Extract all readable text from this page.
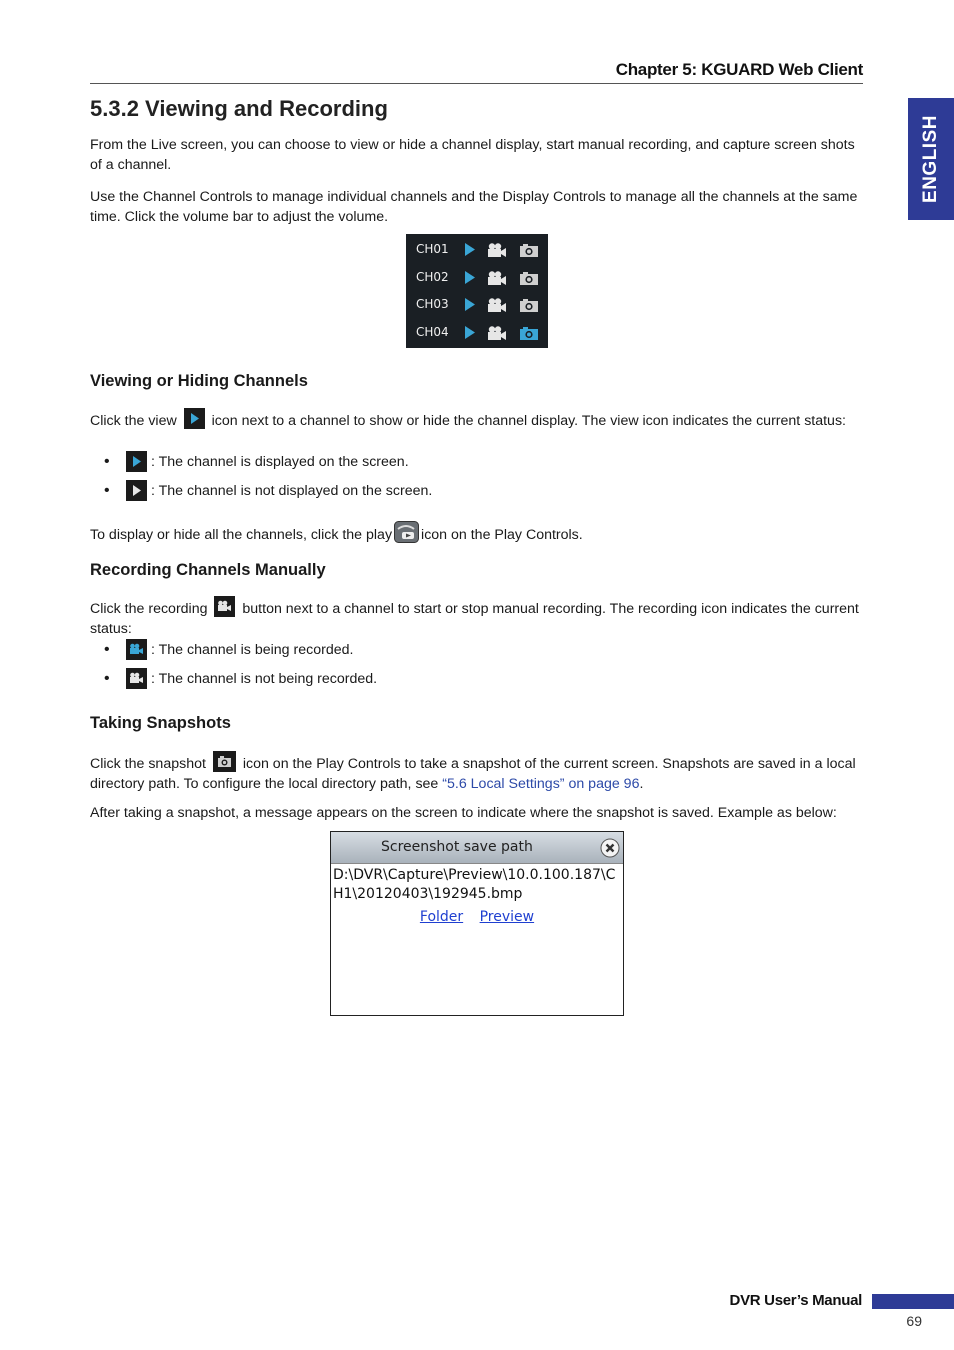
Chapter 5: KGUARD Web Client
ENGLISH
5.3.2 Viewing and Recording

From the Live screen, you can choose to view or hide a channel display, start manual recording, and capture screen shots of a channel.

Use the Channel Controls to manage individual channels and the Display Controls to manage all the channels at the same time. Click the volume bar to adjust the volume.

CH01
CH02
CH03
CH04
Viewing or Hiding Channels

Click the view icon next to a channel to show or hide the channel display. The view icon indicates the current status:

•	: The channel is displayed on the screen.
•	: The channel is not displayed on the screen.

To display or hide all the channels, click the play icon on the Play Controls.

Recording Channels Manually

Click the recording button next to a channel to start or stop manual recording. The recording icon indicates the current status:

•	: The channel is being recorded.
•	: The channel is not being recorded.
Taking Snapshots

Click the snapshot	icon on the Play Controls to take a snapshot of the current screen. Snapshots are saved in a local directory path. To configure the local directory path, see “5.6 Local Settings” on page 96.

After taking a snapshot, a message appears on the screen to indicate where the snapshot is saved. Example as below:

Screenshot save path
D:\DVR\Capture\Preview\10.0.100.187\CH1\20120403\192945.bmp
Folder Preview
DVR User’s Manual
69
